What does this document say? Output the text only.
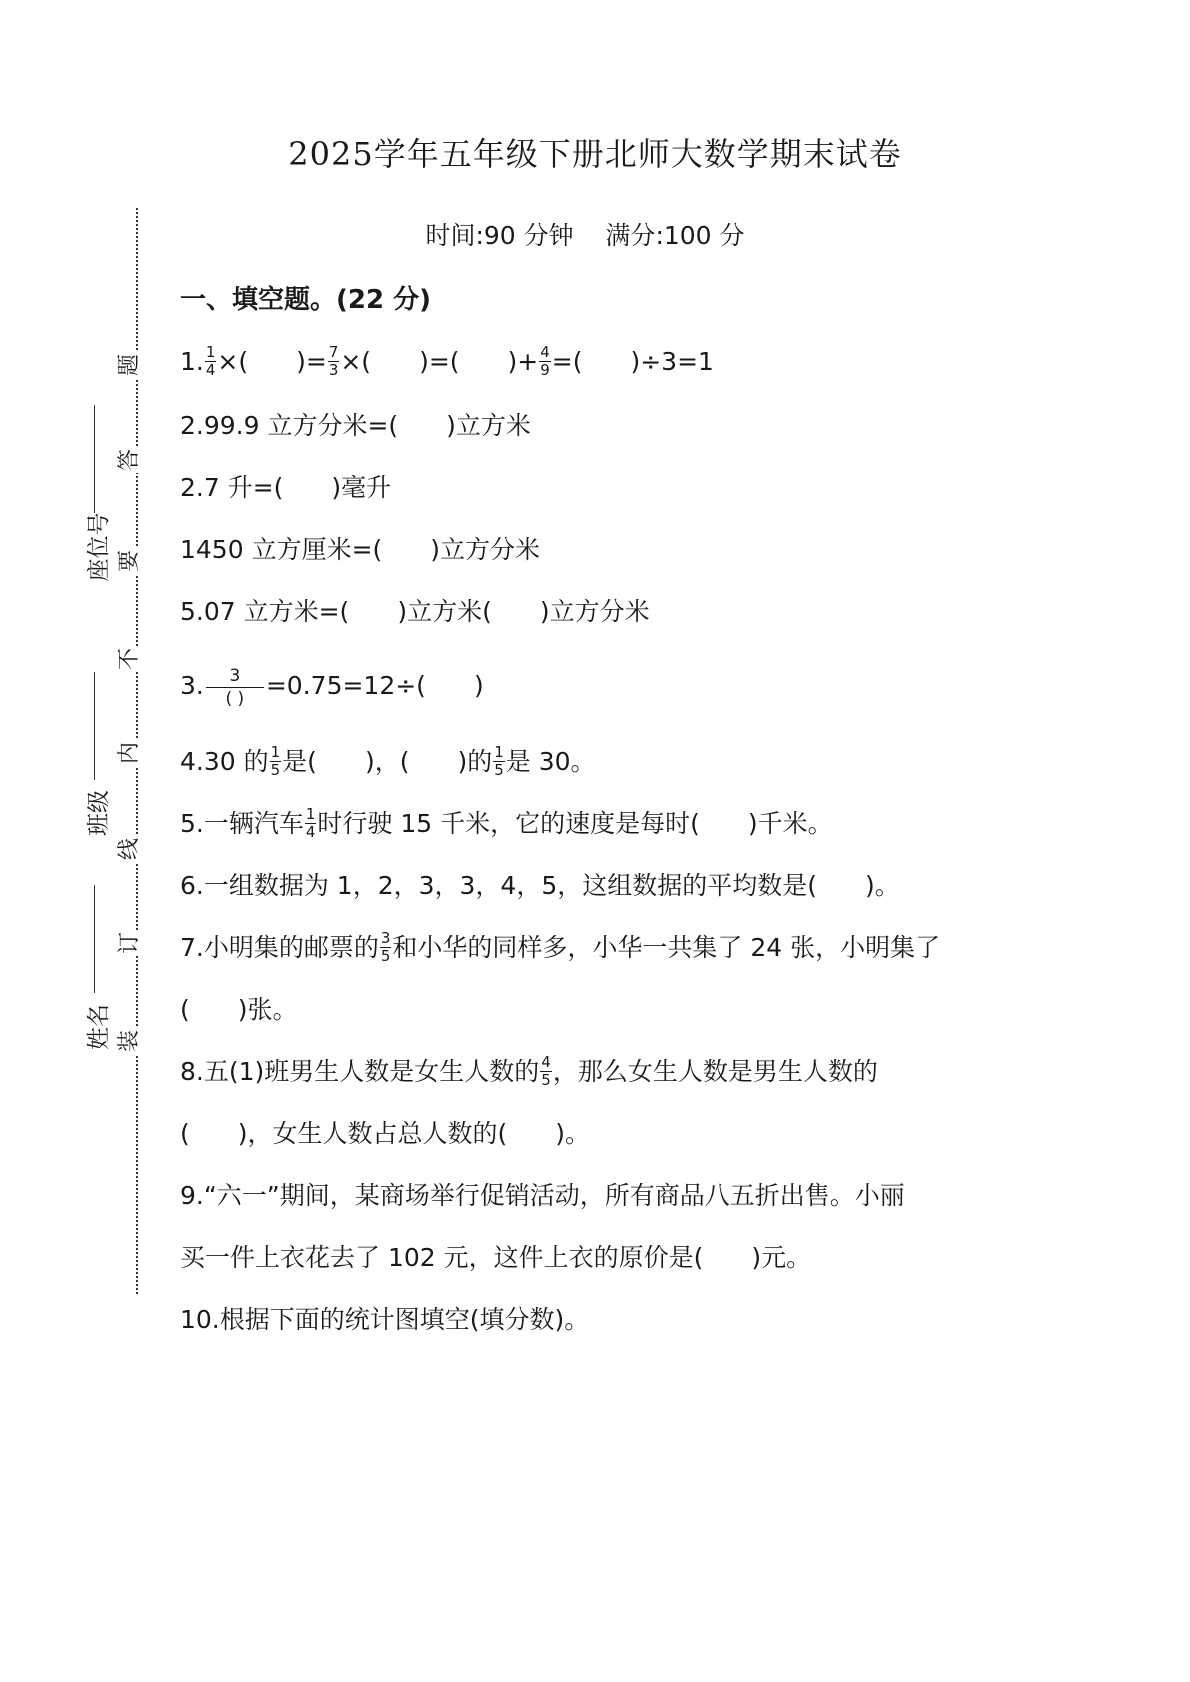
2025学年五年级下册北师大数学期末试卷
题
答
要
不
内
线
订
装
座位号
班级
姓名
时间:90 分钟    满分:100 分
一、填空题。(22 分)
1. $\frac{1}{4}$ ×( )= $\frac{7}{3}$ ×( )=( )+ $\frac{4}{9}$ =( )÷3=1
2.99.9 立方分米=( )立方米
2.7 升=( )毫升
1450 立方厘米=( )立方分米
5.07 立方米=( )立方米( )立方分米
3. $\frac{3}{( )} =0.75=12\div$( )
4.30 的 $\frac{1}{5}$ 是( )，( )的 $\frac{1}{5}$ 是 30。
5.一辆汽车 $\frac{1}{4}$ 时行驶 15 千米，它的速度是每时( )千米。
6.一组数据为 1，2，3，3，4，5，这组数据的平均数是( )。
7.小明集的邮票的 $\frac{3}{5}$ 和小华的同样多，小华一共集了 24 张，小明集了
( )张。
8.五(1)班男生人数是女生人数的 $\frac{4}{5}$ ，那么女生人数是男生人数的
( )，女生人数占总人数的( )。
9.“六一”期间，某商场举行促销活动，所有商品八五折出售。小丽
买一件上衣花去了 102 元，这件上衣的原价是( )元。
10.根据下面的统计图填空(填分数)。
